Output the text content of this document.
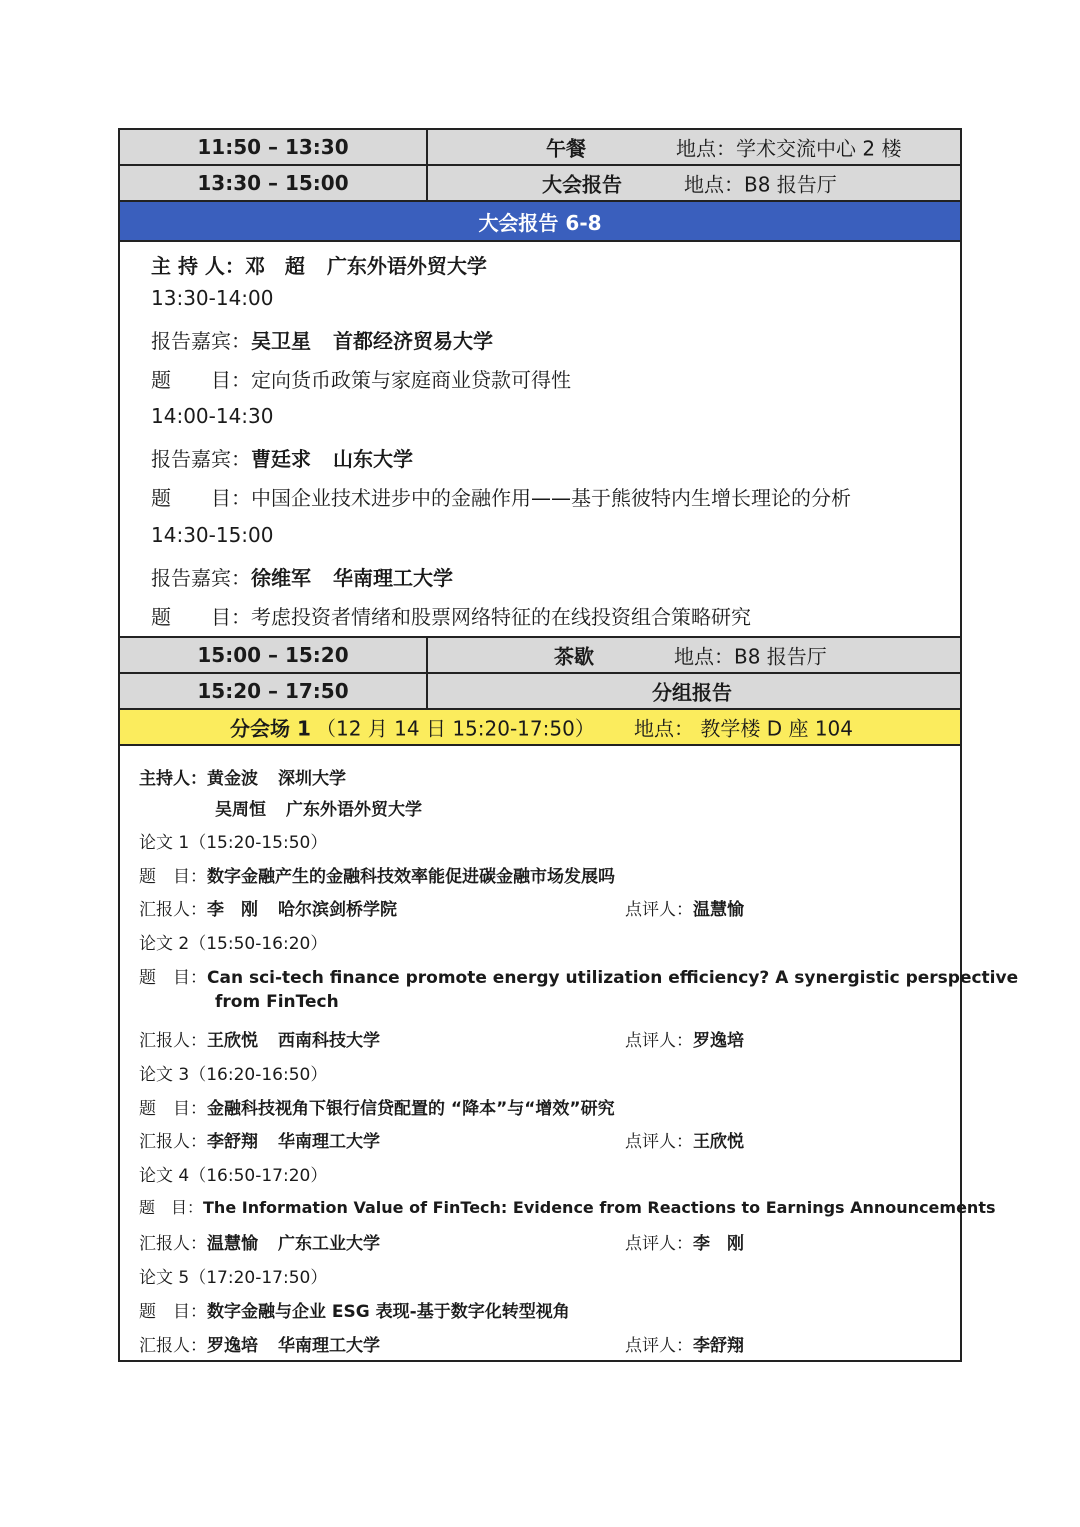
11:50 – 13:30	午餐	地点：学术交流中心 2 楼
13:30 – 15:00	大会报告	地点：B8 报告厅
大会报告 6-8
主 持 人：邓　超 广东外语外贸大学
13:30-14:00
报告嘉宾：吴卫星 首都经济贸易大学
题　　目：定向货币政策与家庭商业贷款可得性
14:00-14:30
报告嘉宾：曹廷求 山东大学
题　　目：中国企业技术进步中的金融作用——基于熊彼特内生增长理论的分析
14:30-15:00
报告嘉宾：徐维军 华南理工大学
题　　目：考虑投资者情绪和股票网络特征的在线投资组合策略研究
15:00 – 15:20	茶歇	地点：B8 报告厅
15:20 – 17:50	分组报告
分会场 1 （12 月 14 日 15:20-17:50） 地点： 教学楼 D 座 104
主持人：黄金波 深圳大学
吴周恒 广东外语外贸大学
论文 1（15:20-15:50）
题　目：数字金融产生的金融科技效率能促进碳金融市场发展吗
汇报人：李　刚 哈尔滨剑桥学院	点评人：温慧愉
论文 2（15:50-16:20）
题　目：Can sci-tech finance promote energy utilization efficiency? A synergistic perspective
from FinTech
汇报人：王欣悦 西南科技大学	点评人：罗逸培
论文 3（16:20-16:50）
题　目：金融科技视角下银行信贷配置的 “降本”与“增效”研究
汇报人：李舒翔 华南理工大学	点评人：王欣悦
论文 4（16:50-17:20）
题　目：The Information Value of FinTech: Evidence from Reactions to Earnings Announcements
汇报人：温慧愉 广东工业大学	点评人：李　刚
论文 5（17:20-17:50）
题　目：数字金融与企业 ESG 表现-基于数字化转型视角
汇报人：罗逸培 华南理工大学	点评人：李舒翔
